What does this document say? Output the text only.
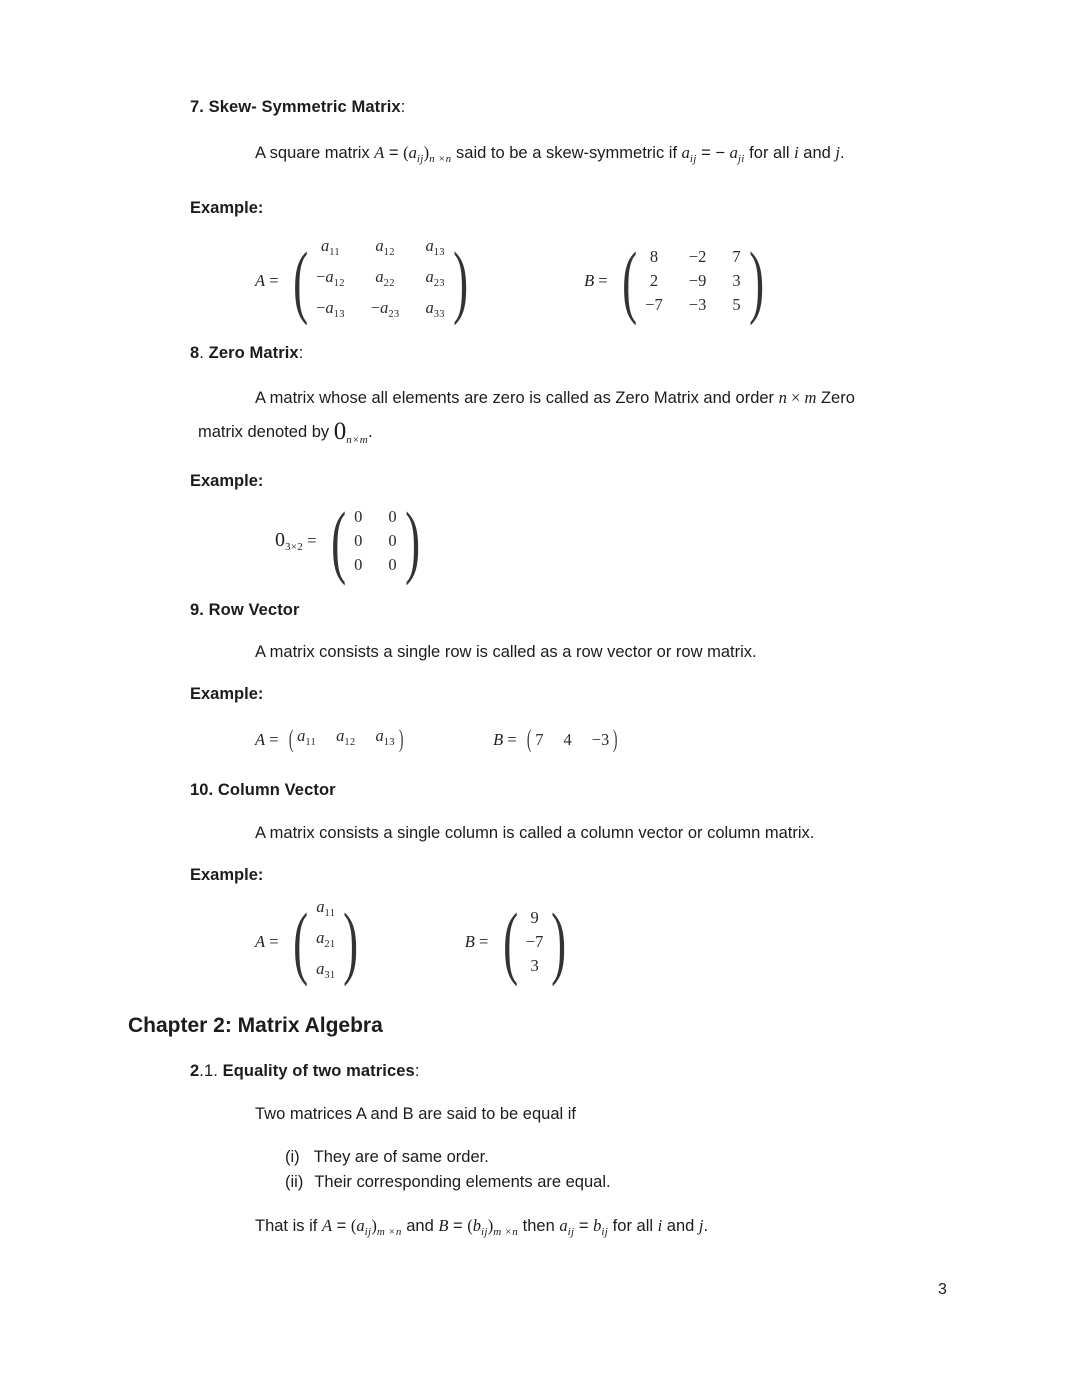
7. Skew- Symmetric Matrix:
A square matrix $A = (a_{ij})_{n \times n}$ said to be a skew-symmetric if $a_{ij}$ = − $a_{ji}$ for all i and j.
Example:
A = ( $a_{11}$ $a_{12}$ $a_{13}$
$-a_{12}$ $a_{22}$ $a_{23}$
$-a_{13} -a_{23}$ $a_{33}$ )	B = ( 8 −2 7
2 −9 3
−7 −3 5 )
8. Zero Matrix:
A matrix whose all elements are zero is called as Zero Matrix and order n × m Zero
matrix denoted by $0_{n\times m}$.
Example:
$0_{3\times 2}$ = ( 0 0
0 0
0 0 )
9. Row Vector
A matrix consists a single row is called as a row vector or row matrix.
Example:
A = ( $a_{11}$ $a_{12}$ $a_{13}$ )	B = ( 7 4 −3 )
10. Column Vector
A matrix consists a single column is called a column vector or column matrix.
Example:
A = ( $a_{11}$
$a_{21}$
$a_{31}$ )	B = ( 9
−7
3 )
Chapter 2: Matrix Algebra
2.1. Equality of two matrices:
Two matrices A and B are said to be equal if
(i) They are of same order.
(ii) Their corresponding elements are equal.
That is if $A = (a_{ij})_{m \times n}$ and $B = (b_{ij})_{m \times n}$ then $a_{ij} = b_{ij}$ for all i and j.
3
